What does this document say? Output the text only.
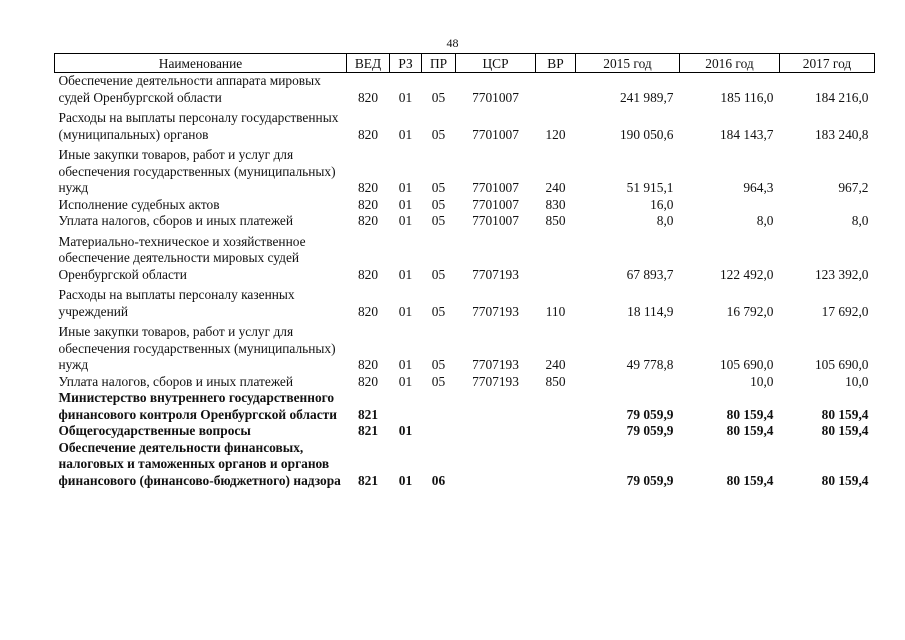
48
Наименование	ВЕД	РЗ	ПР	ЦСР	ВР	2015 год	2016 год	2017 год
Обеспечение деятельности аппарата мировых судей Оренбургской области	820	01	05	7701007		241 989,7	185 116,0	184 216,0
Расходы на выплаты персоналу государственных (муниципальных) органов	820	01	05	7701007	120	190 050,6	184 143,7	183 240,8
Иные закупки товаров, работ и услуг для обеспечения государственных (муниципальных) нужд	820	01	05	7701007	240	51 915,1	964,3	967,2
Исполнение судебных актов	820	01	05	7701007	830	16,0		
Уплата налогов, сборов и иных платежей	820	01	05	7701007	850	8,0	8,0	8,0
Материально-техническое и хозяйственное обеспечение деятельности мировых судей Оренбургской области	820	01	05	7707193		67 893,7	122 492,0	123 392,0
Расходы на выплаты персоналу казенных учреждений	820	01	05	7707193	110	18 114,9	16 792,0	17 692,0
Иные закупки товаров, работ и услуг для обеспечения государственных (муниципальных) нужд	820	01	05	7707193	240	49 778,8	105 690,0	105 690,0
Уплата налогов, сборов и иных платежей	820	01	05	7707193	850		10,0	10,0
Министерство внутреннего государственного финансового контроля Оренбургской области	821					79 059,9	80 159,4	80 159,4
Общегосударственные вопросы	821	01				79 059,9	80 159,4	80 159,4
Обеспечение деятельности финансовых, налоговых и таможенных органов и органов финансового (финансово-бюджетного) надзора	821	01	06			79 059,9	80 159,4	80 159,4
